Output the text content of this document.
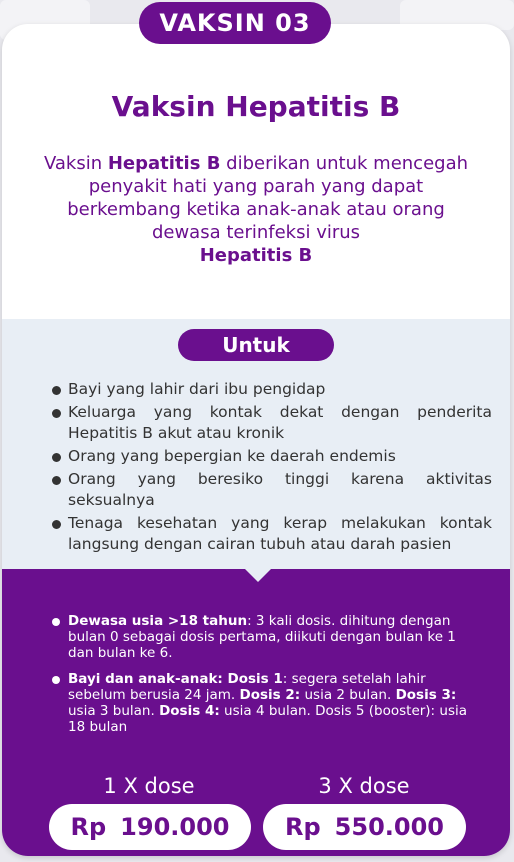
VAKSIN 03
Vaksin Hepatitis B
Vaksin Hepatitis B diberikan untuk mencegah penyakit hati yang parah yang dapat berkembang ketika anak-anak atau orang dewasa terinfeksi virus
Hepatitis B
Untuk
Bayi yang lahir dari ibu pengidap
Keluarga yang kontak dekat dengan penderita Hepatitis B akut atau kronik
Orang yang bepergian ke daerah endemis
Orang yang beresiko tinggi karena aktivitas seksualnya
Tenaga kesehatan yang kerap melakukan kontak langsung dengan cairan tubuh atau darah pasien
Dewasa usia >18 tahun: 3 kali dosis. dihitung dengan bulan 0 sebagai dosis pertama, diikuti dengan bulan ke 1 dan bulan ke 6.
Bayi dan anak-anak: Dosis 1: segera setelah lahir sebelum berusia 24 jam. Dosis 2: usia 2 bulan. Dosis 3: usia 3 bulan. Dosis 4: usia 4 bulan. Dosis 5 (booster): usia 18 bulan
1 X dose	3 X dose
Rp 190.000 Rp 550.000
